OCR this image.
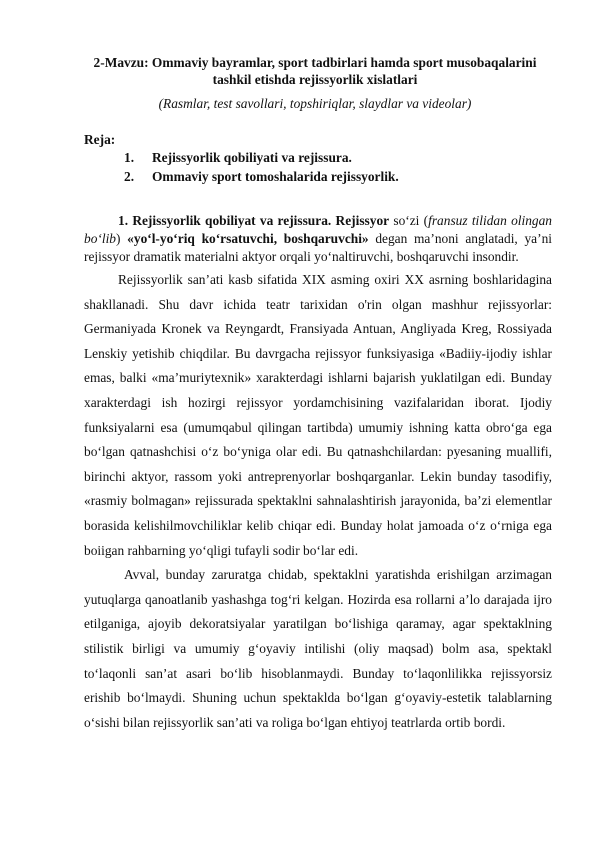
2-Mavzu: Ommaviy bayramlar, sport tadbirlari hamda sport musobaqalarini tashkil etishda rejissyorlik xislatlari
(Rasmlar, test savollari, topshiriqlar, slaydlar va videolar)
Reja:
1.	Rejissyorlik qobiliyati va rejissura.
2.	Ommaviy sport tomoshalarida rejissyorlik.

1. Rejissyorlik qobiliyat va rejissura. Rejissyor so‘zi (fransuz tilidan olingan bo‘lib) «yo‘l-yo‘riq ko‘rsatuvchi, boshqaruvchi» degan ma’noni anglatadi, ya’ni rejissyor dramatik materialni aktyor orqali yo‘naltiruvchi, boshqaruvchi insondir.

Rejissyorlik san’ati kasb sifatida XIX asming oxiri XX asrning boshlaridagina shakllanadi. Shu davr ichida teatr tarixidan o'rin olgan mashhur rejissyorlar: Germaniyada Kronek va Reyngardt, Fransiyada Antuan, Angliyada Kreg, Rossiyada Lenskiy yetishib chiqdilar. Bu davrgacha rejissyor funksiyasiga «Badiiy-ijodiy ishlar emas, balki «ma’muriytexnik» xarakterdagi ishlarni bajarish yuklatilgan edi. Bunday xarakterdagi ish hozirgi rejissyor yordamchisining vazifalaridan iborat. Ijodiy funksiyalarni esa (umumqabul qilingan tartibda) umumiy ishning katta obro‘ga ega bo‘lgan qatnashchisi o‘z bo‘yniga olar edi. Bu qatnashchilardan: pyesaning muallifi, birinchi aktyor, rassom yoki antreprenyorlar boshqarganlar. Lekin bunday tasodifiy, «rasmiy bolmagan» rejissurada spektaklni sahnalashtirish jarayonida, ba’zi elementlar borasida kelishilmovchiliklar kelib chiqar edi. Bunday holat jamoada o‘z o‘rniga ega boiigan rahbarning yo‘qligi tufayli sodir bo‘lar edi.

Avval, bunday zaruratga chidab, spektaklni yaratishda erishilgan arzimagan yutuqlarga qanoatlanib yashashga tog‘ri kelgan. Hozirda esa rollarni a’lo darajada ijro etilganiga, ajoyib dekoratsiyalar yaratilgan bo‘lishiga qaramay, agar spektaklning stilistik birligi va umumiy g‘oyaviy intilishi (oliy maqsad) bolm asa, spektakl to‘laqonli san’at asari bo‘lib hisoblanmaydi. Bunday to‘laqonlilikka rejissyorsiz erishib bo‘lmaydi. Shuning uchun spektaklda bo‘lgan g‘oyaviy-estetik talablarning o‘sishi bilan rejissyorlik san’ati va roliga bo‘lgan ehtiyoj teatrlarda ortib bordi.
